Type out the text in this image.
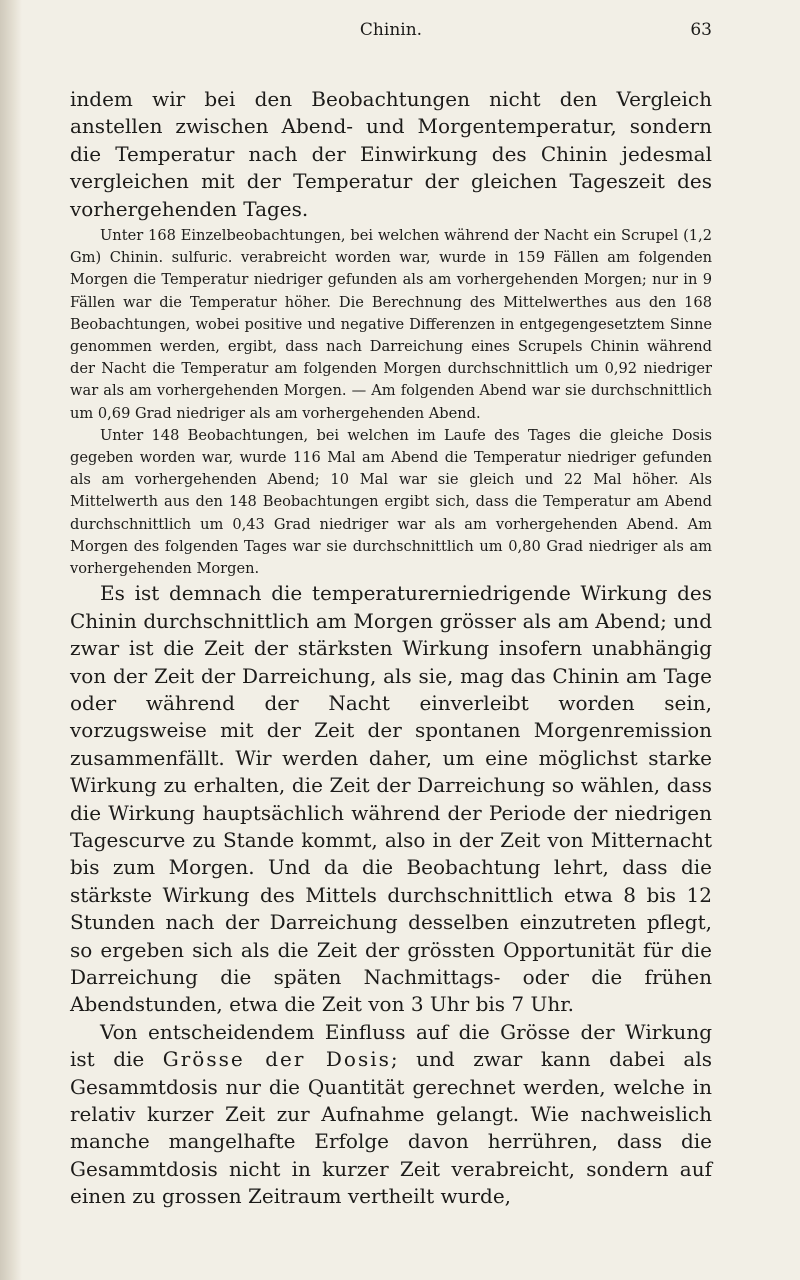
Chinin.	63

indem wir bei den Beobachtungen nicht den Vergleich anstellen zwischen Abend- und Morgentemperatur, sondern die Temperatur nach der Einwirkung des Chinin jedesmal vergleichen mit der Temperatur der gleichen Tageszeit des vorhergehenden Tages.

Unter 168 Einzelbeobachtungen, bei welchen während der Nacht ein Scrupel (1,2 Gm) Chinin. sulfuric. verabreicht worden war, wurde in 159 Fällen am folgenden Morgen die Temperatur niedriger gefunden als am vorhergehenden Morgen; nur in 9 Fällen war die Temperatur höher. Die Berechnung des Mittelwerthes aus den 168 Beobachtungen, wobei positive und negative Differenzen in entgegengesetztem Sinne genommen werden, ergibt, dass nach Darreichung eines Scrupels Chinin während der Nacht die Temperatur am folgenden Morgen durchschnittlich um 0,92 niedriger war als am vorhergehenden Morgen. — Am folgenden Abend war sie durchschnittlich um 0,69 Grad niedriger als am vorhergehenden Abend.

Unter 148 Beobachtungen, bei welchen im Laufe des Tages die gleiche Dosis gegeben worden war, wurde 116 Mal am Abend die Temperatur niedriger gefunden als am vorhergehenden Abend; 10 Mal war sie gleich und 22 Mal höher. Als Mittelwerth aus den 148 Beobachtungen ergibt sich, dass die Temperatur am Abend durchschnittlich um 0,43 Grad niedriger war als am vorhergehenden Abend. Am Morgen des folgenden Tages war sie durchschnittlich um 0,80 Grad niedriger als am vorhergehenden Morgen.

Es ist demnach die temperaturerniedrigende Wirkung des Chinin durchschnittlich am Morgen grösser als am Abend; und zwar ist die Zeit der stärksten Wirkung insofern unabhängig von der Zeit der Darreichung, als sie, mag das Chinin am Tage oder während der Nacht einverleibt worden sein, vorzugsweise mit der Zeit der spontanen Morgenremission zusammenfällt. Wir werden daher, um eine möglichst starke Wirkung zu erhalten, die Zeit der Darreichung so wählen, dass die Wirkung hauptsächlich während der Periode der niedrigen Tagescurve zu Stande kommt, also in der Zeit von Mitternacht bis zum Morgen. Und da die Beobachtung lehrt, dass die stärkste Wirkung des Mittels durchschnittlich etwa 8 bis 12 Stunden nach der Darreichung desselben einzutreten pflegt, so ergeben sich als die Zeit der grössten Opportunität für die Darreichung die späten Nachmittags- oder die frühen Abendstunden, etwa die Zeit von 3 Uhr bis 7 Uhr.

Von entscheidendem Einfluss auf die Grösse der Wirkung ist die Grösse der Dosis; und zwar kann dabei als Gesammtdosis nur die Quantität gerechnet werden, welche in relativ kurzer Zeit zur Aufnahme gelangt. Wie nachweislich manche mangelhafte Erfolge davon herrühren, dass die Gesammtdosis nicht in kurzer Zeit verabreicht, sondern auf einen zu grossen Zeitraum vertheilt wurde,
